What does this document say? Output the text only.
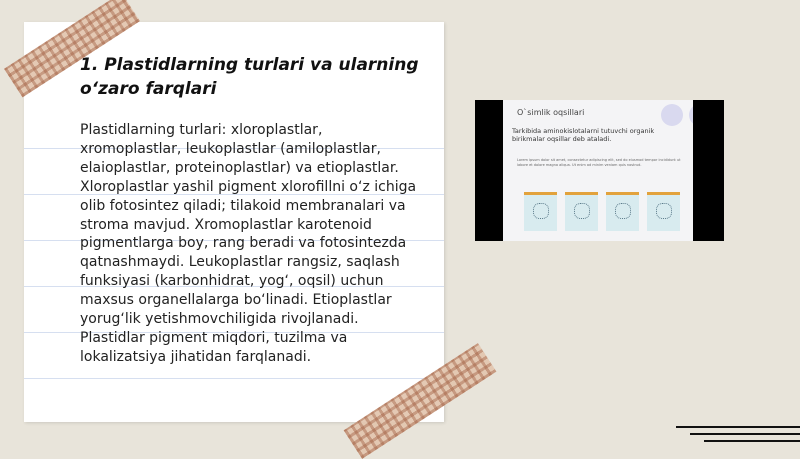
1. Plastidlarning turlari va ularning o‘zaro farqlari

Plastidlarning turlari: xloroplastlar, xromoplastlar, leukoplastlar (amiloplastlar, elaioplastlar, proteinoplastlar) va etioplastlar. Xloroplastlar yashil pigment xlorofillni o‘z ichiga olib fotosintez qiladi; tilakoid membranalari va stroma mavjud. Xromoplastlar karotenoid pigmentlarga boy, rang beradi va fotosintezda qatnashmaydi. Leukoplastlar rangsiz, saqlash funksiyasi (karbonhidrat, yog‘, oqsil) uchun maxsus organellalarga bo‘linadi. Etioplastlar yorug‘lik yetishmovchiligida rivojlanadi. Plastidlar pigment miqdori, tuzilma va lokalizatsiya jihatidan farqlanadi.

O`simlik oqsillari
Tarkibida aminokislotalarni tutuvchi organik birikmalar oqsillar deb ataladi.
Lorem ipsum dolor sit amet, consectetur adipiscing elit, sed do eiusmod tempor incididunt ut labore et dolore magna aliqua. Ut enim ad minim veniam quis nostrud.
